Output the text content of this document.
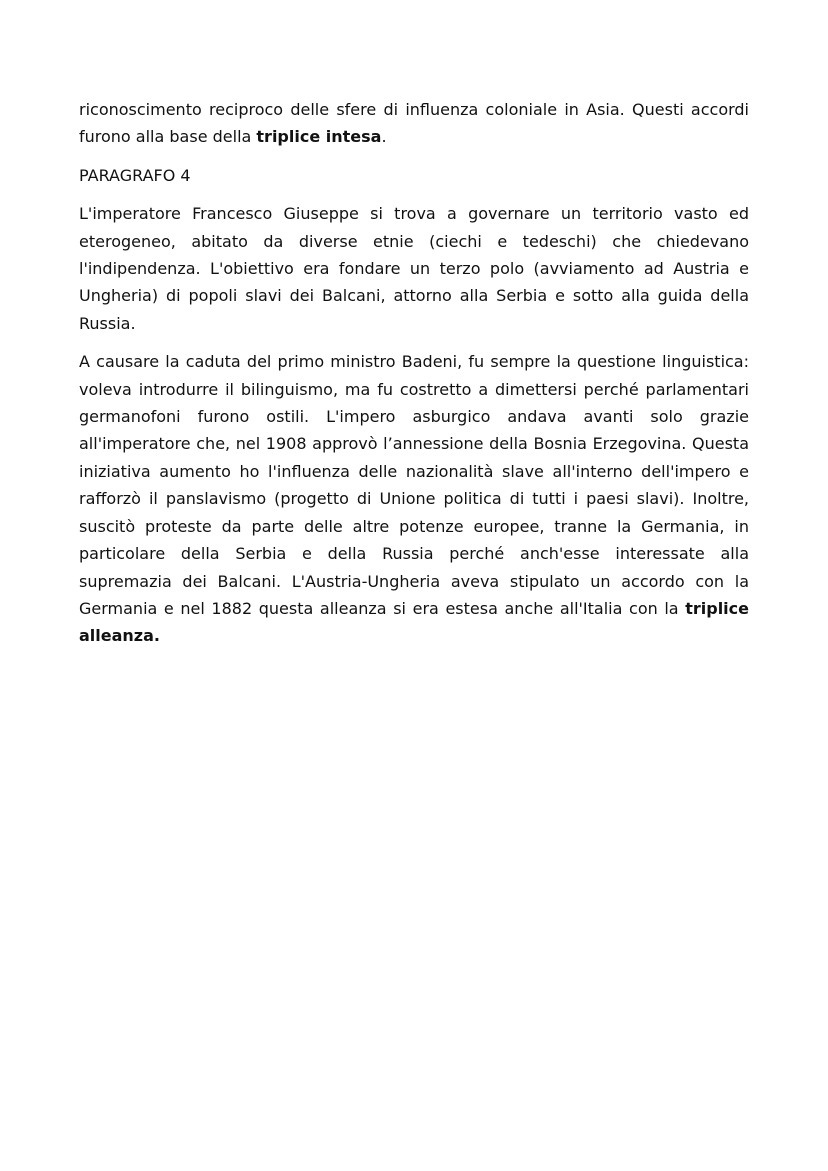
riconoscimento reciproco delle sfere di influenza coloniale in Asia. Questi accordi furono alla base della triplice intesa.

PARAGRAFO 4

L'imperatore Francesco Giuseppe si trova a governare un territorio vasto ed eterogeneo, abitato da diverse etnie (ciechi e tedeschi) che chiedevano l'indipendenza. L'obiettivo era fondare un terzo polo (avviamento ad Austria e Ungheria) di popoli slavi dei Balcani, attorno alla Serbia e sotto alla guida della Russia.

A causare la caduta del primo ministro Badeni, fu sempre la questione linguistica: voleva introdurre il bilinguismo, ma fu costretto a dimettersi perché parlamentari germanofoni furono ostili. L'impero asburgico andava avanti solo grazie all'imperatore che, nel 1908 approvò l’annessione della Bosnia Erzegovina. Questa iniziativa aumento ho l'influenza delle nazionalità slave all'interno dell'impero e rafforzò il panslavismo (progetto di Unione politica di tutti i paesi slavi). Inoltre, suscitò proteste da parte delle altre potenze europee, tranne la Germania, in particolare della Serbia e della Russia perché anch'esse interessate alla supremazia dei Balcani. L'Austria-Ungheria aveva stipulato un accordo con la Germania e nel 1882 questa alleanza si era estesa anche all'Italia con la triplice alleanza.
